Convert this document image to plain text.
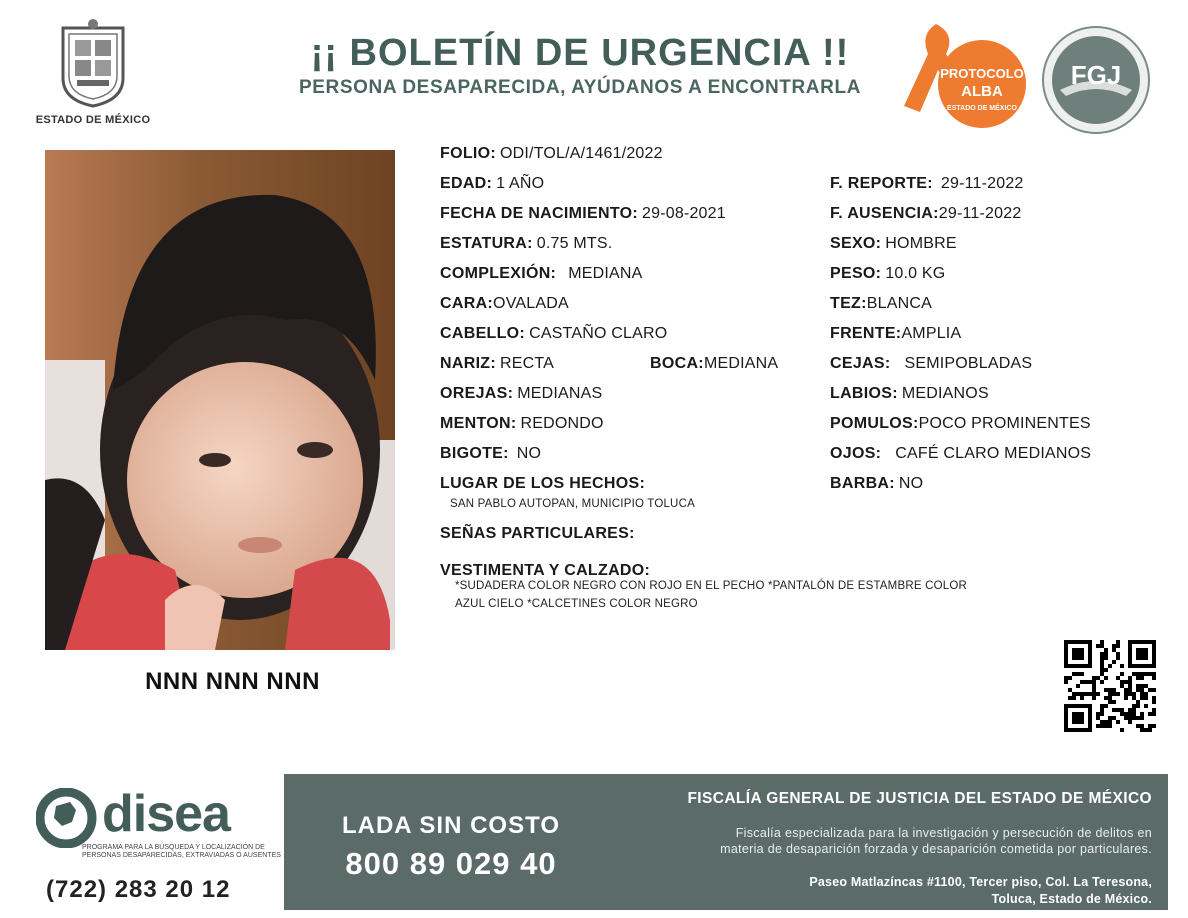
ESTADO DE MÉXICO
¡¡ BOLETÍN DE URGENCIA !!
PERSONA DESAPARECIDA, AYÚDANOS A ENCONTRARLA
PROTOCOLO
ALBA
ESTADO DE MÉXICO
FGJ
NNN NNN NNN
FOLIO: ODI/TOL/A/1461/2022
EDAD: 1 AÑO
FECHA DE NACIMIENTO: 29-08-2021
ESTATURA: 0.75 MTS.
COMPLEXIÓN: MEDIANA
CARA:OVALADA
CABELLO: CASTAÑO CLARO
NARIZ: RECTA	BOCA:MEDIANA
OREJAS: MEDIANAS
MENTON: REDONDO
BIGOTE: NO
LUGAR DE LOS HECHOS:
SAN PABLO AUTOPAN, MUNICIPIO TOLUCA
SEÑAS PARTICULARES:
VESTIMENTA Y CALZADO:
*SUDADERA COLOR NEGRO CON ROJO EN EL PECHO *PANTALÓN DE ESTAMBRE COLOR
AZUL CIELO *CALCETINES COLOR NEGRO
F. REPORTE: 29-11-2022
F. AUSENCIA:29-11-2022
SEXO: HOMBRE
PESO: 10.0 KG
TEZ:BLANCA
FRENTE:AMPLIA
CEJAS: SEMIPOBLADAS
LABIOS: MEDIANOS
POMULOS:POCO PROMINENTES
OJOS: CAFÉ CLARO MEDIANOS
BARBA: NO
disea
PROGRAMA PARA LA BÚSQUEDA Y LOCALIZACIÓN DE PERSONAS DESAPARECIDAS, EXTRAVIADAS O AUSENTES
(722) 283 20 12
LADA SIN COSTO
800 89 029 40
FISCALÍA GENERAL DE JUSTICIA DEL ESTADO DE MÉXICO
Fiscalía especializada para la investigación y persecución de delitos en
materia de desaparición forzada y desaparición cometida por particulares.
Paseo Matlazíncas #1100, Tercer piso, Col. La Teresona,
Toluca, Estado de México.
